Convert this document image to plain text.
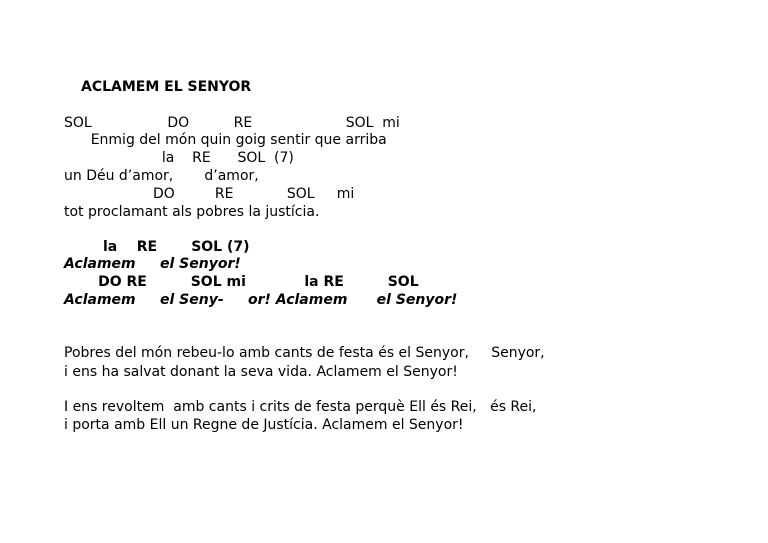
ACLAMEM EL SENYOR
SOL                 DO          RE                     SOL  mi
Enmig del món quin goig sentir que arriba
la    RE      SOL  (7)
un Déu d’amor,       d’amor,
DO         RE            SOL     mi
tot proclamant als pobres la justícia.
la    RE       SOL (7)
Aclamem     el Senyor!
DO RE         SOL mi            la RE         SOL
Aclamem     el Seny-     or! Aclamem      el Senyor!
Pobres del món rebeu-lo amb cants de festa és el Senyor,     Senyor,
i ens ha salvat donant la seva vida. Aclamem el Senyor!
I ens revoltem  amb cants i crits de festa perquè Ell és Rei,   és Rei,
i porta amb Ell un Regne de Justícia. Aclamem el Senyor!
